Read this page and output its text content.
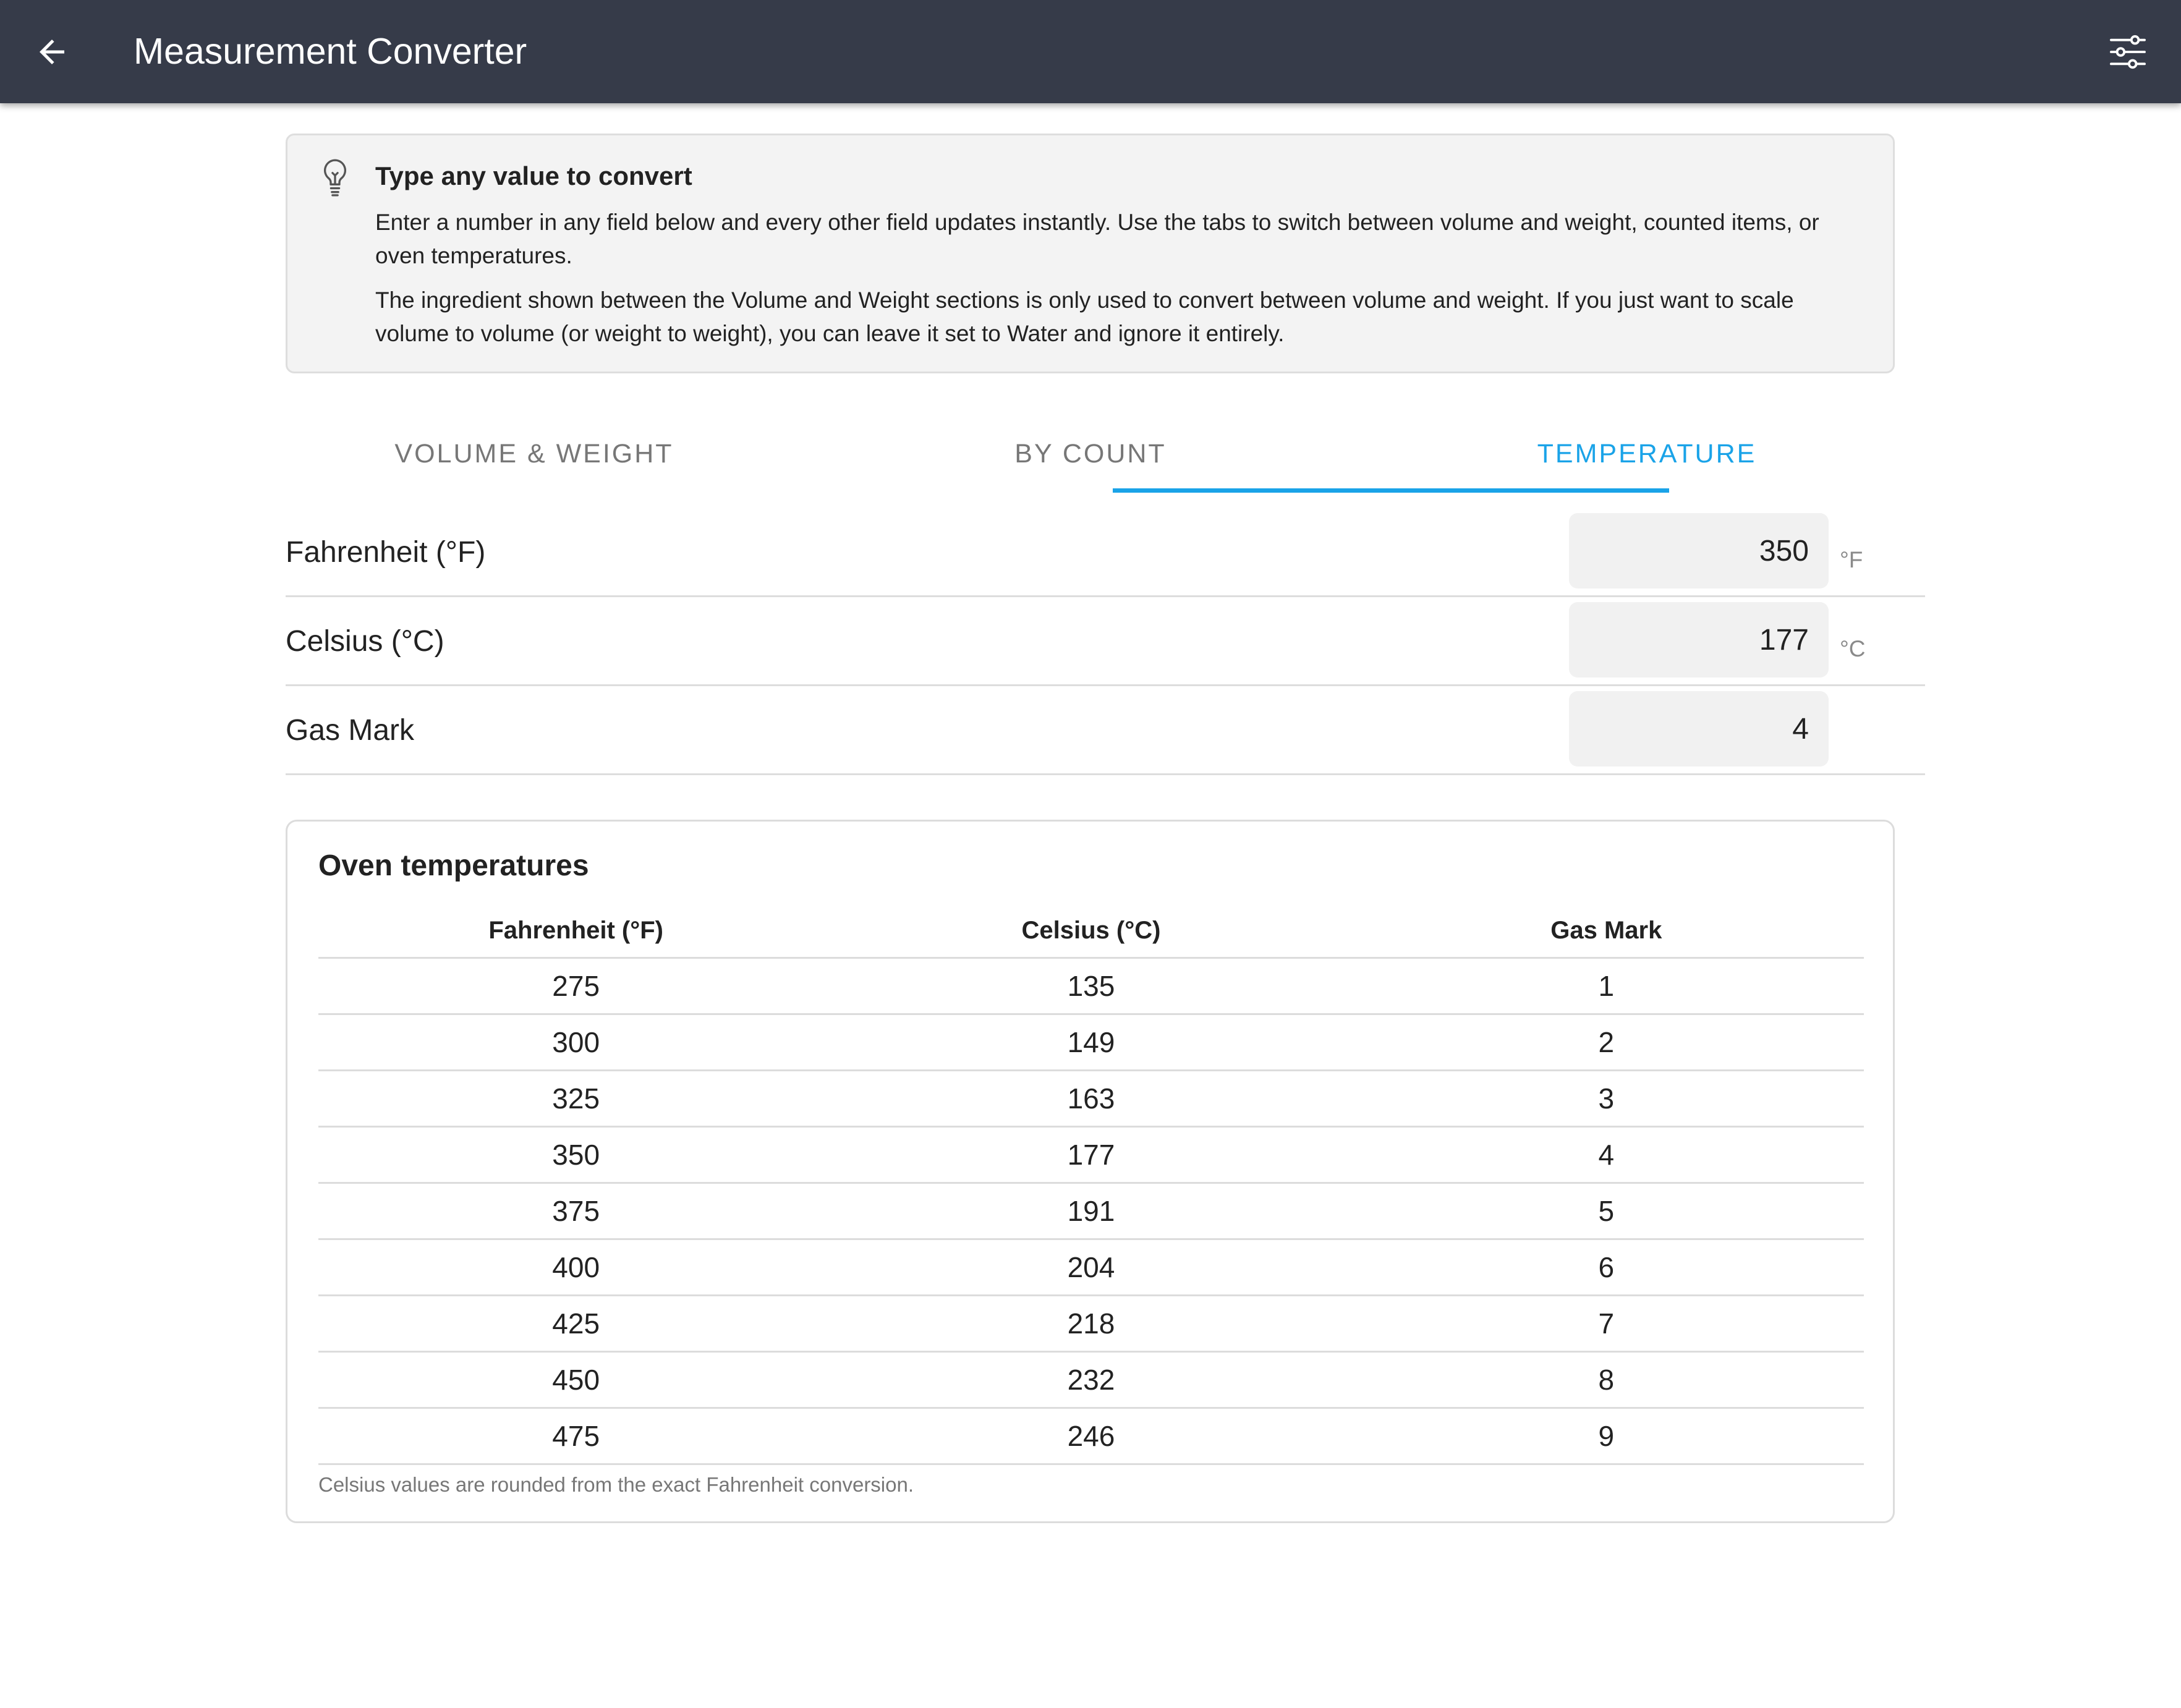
Measurement Converter
Type any value to convert
Enter a number in any field below and every other field updates instantly. Use the tabs to switch between volume and weight, counted items, or oven temperatures.
The ingredient shown between the Volume and Weight sections is only used to convert between volume and weight. If you just want to scale volume to volume (or weight to weight), you can leave it set to Water and ignore it entirely.
VOLUME & WEIGHT	BY COUNT	TEMPERATURE
Fahrenheit (°F)
350	°F
Celsius (°C)
177	°C
Gas Mark
4
Oven temperatures
Fahrenheit (°F)	Celsius (°C)	Gas Mark
275	135	1
300	149	2
325	163	3
350	177	4
375	191	5
400	204	6
425	218	7
450	232	8
475	246	9
Celsius values are rounded from the exact Fahrenheit conversion.
